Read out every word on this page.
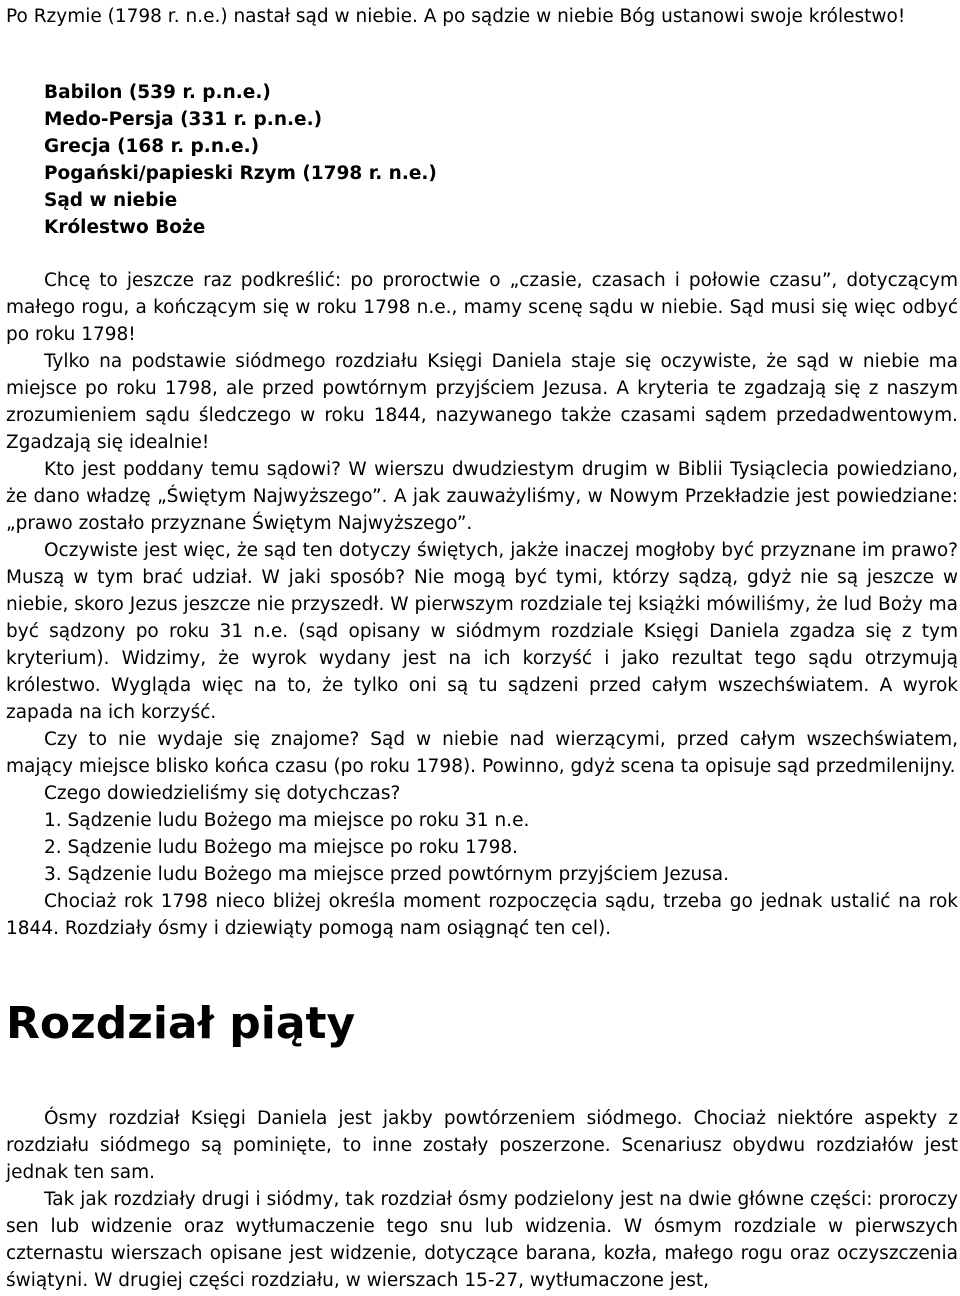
Po Rzymie (1798 r. n.e.) nastał sąd w niebie. A po sądzie w niebie Bóg ustanowi swoje królestwo!

Babilon (539 r. p.n.e.)
Medo-Persja (331 r. p.n.e.)
Grecja (168 r. p.n.e.)
Pogański/papieski Rzym (1798 r. n.e.)
Sąd w niebie
Królestwo Boże

Chcę to jeszcze raz podkreślić: po proroctwie o „czasie, czasach i połowie czasu”, dotyczącym małego rogu, a kończącym się w roku 1798 n.e., mamy scenę sądu w niebie. Sąd musi się więc odbyć po roku 1798!

Tylko na podstawie siódmego rozdziału Księgi Daniela staje się oczywiste, że sąd w niebie ma miejsce po roku 1798, ale przed powtórnym przyjściem Jezusa. A kryteria te zgadzają się z naszym zrozumieniem sądu śledczego w roku 1844, nazywanego także czasami sądem przedadwentowym. Zgadzają się idealnie!

Kto jest poddany temu sądowi? W wierszu dwudziestym drugim w Biblii Tysiąclecia powiedziano, że dano władzę „Świętym Najwyższego”. A jak zauważyliśmy, w Nowym Przekładzie jest powiedziane: „prawo zostało przyznane Świętym Najwyższego”.

Oczywiste jest więc, że sąd ten dotyczy świętych, jakże inaczej mogłoby być przyznane im prawo? Muszą w tym brać udział. W jaki sposób? Nie mogą być tymi, którzy sądzą, gdyż nie są jeszcze w niebie, skoro Jezus jeszcze nie przyszedł. W pierwszym rozdziale tej książki mówiliśmy, że lud Boży ma być sądzony po roku 31 n.e. (sąd opisany w siódmym rozdziale Księgi Daniela zgadza się z tym kryterium). Widzimy, że wyrok wydany jest na ich korzyść i jako rezultat tego sądu otrzymują królestwo. Wygląda więc na to, że tylko oni są tu sądzeni przed całym wszechświatem. A wyrok zapada na ich korzyść.

Czy to nie wydaje się znajome? Sąd w niebie nad wierzącymi, przed całym wszechświatem, mający miejsce blisko końca czasu (po roku 1798). Powinno, gdyż scena ta opisuje sąd przedmilenijny.

Czego dowiedzieliśmy się dotychczas?

1. Sądzenie ludu Bożego ma miejsce po roku 31 n.e.
2. Sądzenie ludu Bożego ma miejsce po roku 1798.
3. Sądzenie ludu Bożego ma miejsce przed powtórnym przyjściem Jezusa.

Chociaż rok 1798 nieco bliżej określa moment rozpoczęcia sądu, trzeba go jednak ustalić na rok 1844. Rozdziały ósmy i dziewiąty pomogą nam osiągnąć ten cel).

Rozdział piąty

Ósmy rozdział Księgi Daniela jest jakby powtórzeniem siódmego. Chociaż niektóre aspekty z rozdziału siódmego są pominięte, to inne zostały poszerzone. Scenariusz obydwu rozdziałów jest jednak ten sam.

Tak jak rozdziały drugi i siódmy, tak rozdział ósmy podzielony jest na dwie główne części: proroczy sen lub widzenie oraz wytłumaczenie tego snu lub widzenia. W ósmym rozdziale w pierwszych czternastu wierszach opisane jest widzenie, dotyczące barana, kozła, małego rogu oraz oczyszczenia świątyni. W drugiej części rozdziału, w wierszach 15-27, wytłumaczone jest,
